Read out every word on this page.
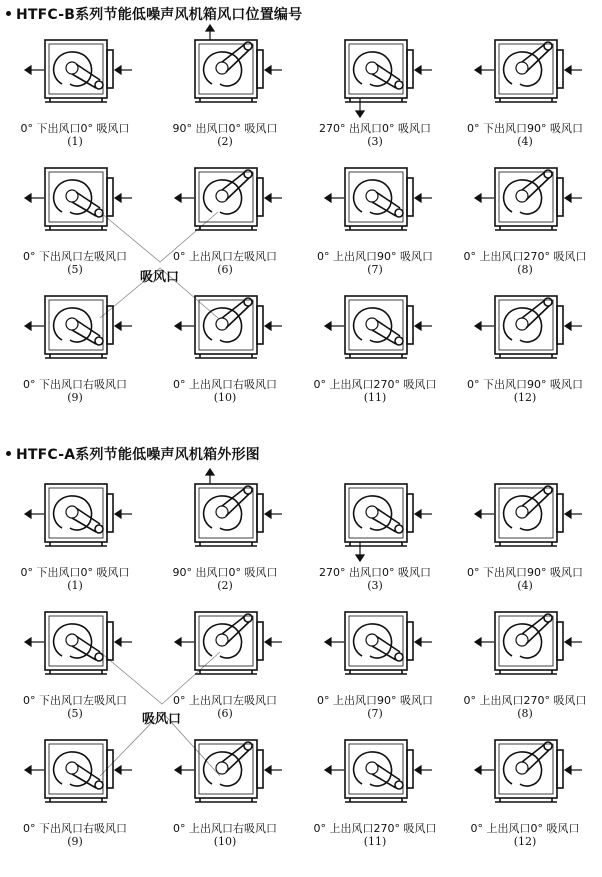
HTFC-B系列节能低噪声风机箱风口位置编号
0° 下出风口0° 吸风口
(1)
90° 出风口0° 吸风口
(2)
270° 出风口0° 吸风口
(3)
0° 下出风口90° 吸风口
(4)
0° 下出风口左吸风口
(5)
0° 上出风口左吸风口
(6)
0° 上出风口90° 吸风口
(7)
0° 上出风口270° 吸风口
(8)
0° 下出风口右吸风口
(9)
0° 上出风口右吸风口
(10)
0° 上出风口270° 吸风口
(11)
0° 下出风口90° 吸风口
(12)
吸风口
HTFC-A系列节能低噪声风机箱外形图
0° 下出风口0° 吸风口
(1)
90° 出风口0° 吸风口
(2)
270° 出风口0° 吸风口
(3)
0° 下出风口90° 吸风口
(4)
0° 下出风口左吸风口
(5)
0° 上出风口左吸风口
(6)
0° 上出风口90° 吸风口
(7)
0° 上出风口270° 吸风口
(8)
0° 下出风口右吸风口
(9)
0° 上出风口右吸风口
(10)
0° 上出风口270° 吸风口
(11)
0° 上出风口0° 吸风口
(12)
吸风口
